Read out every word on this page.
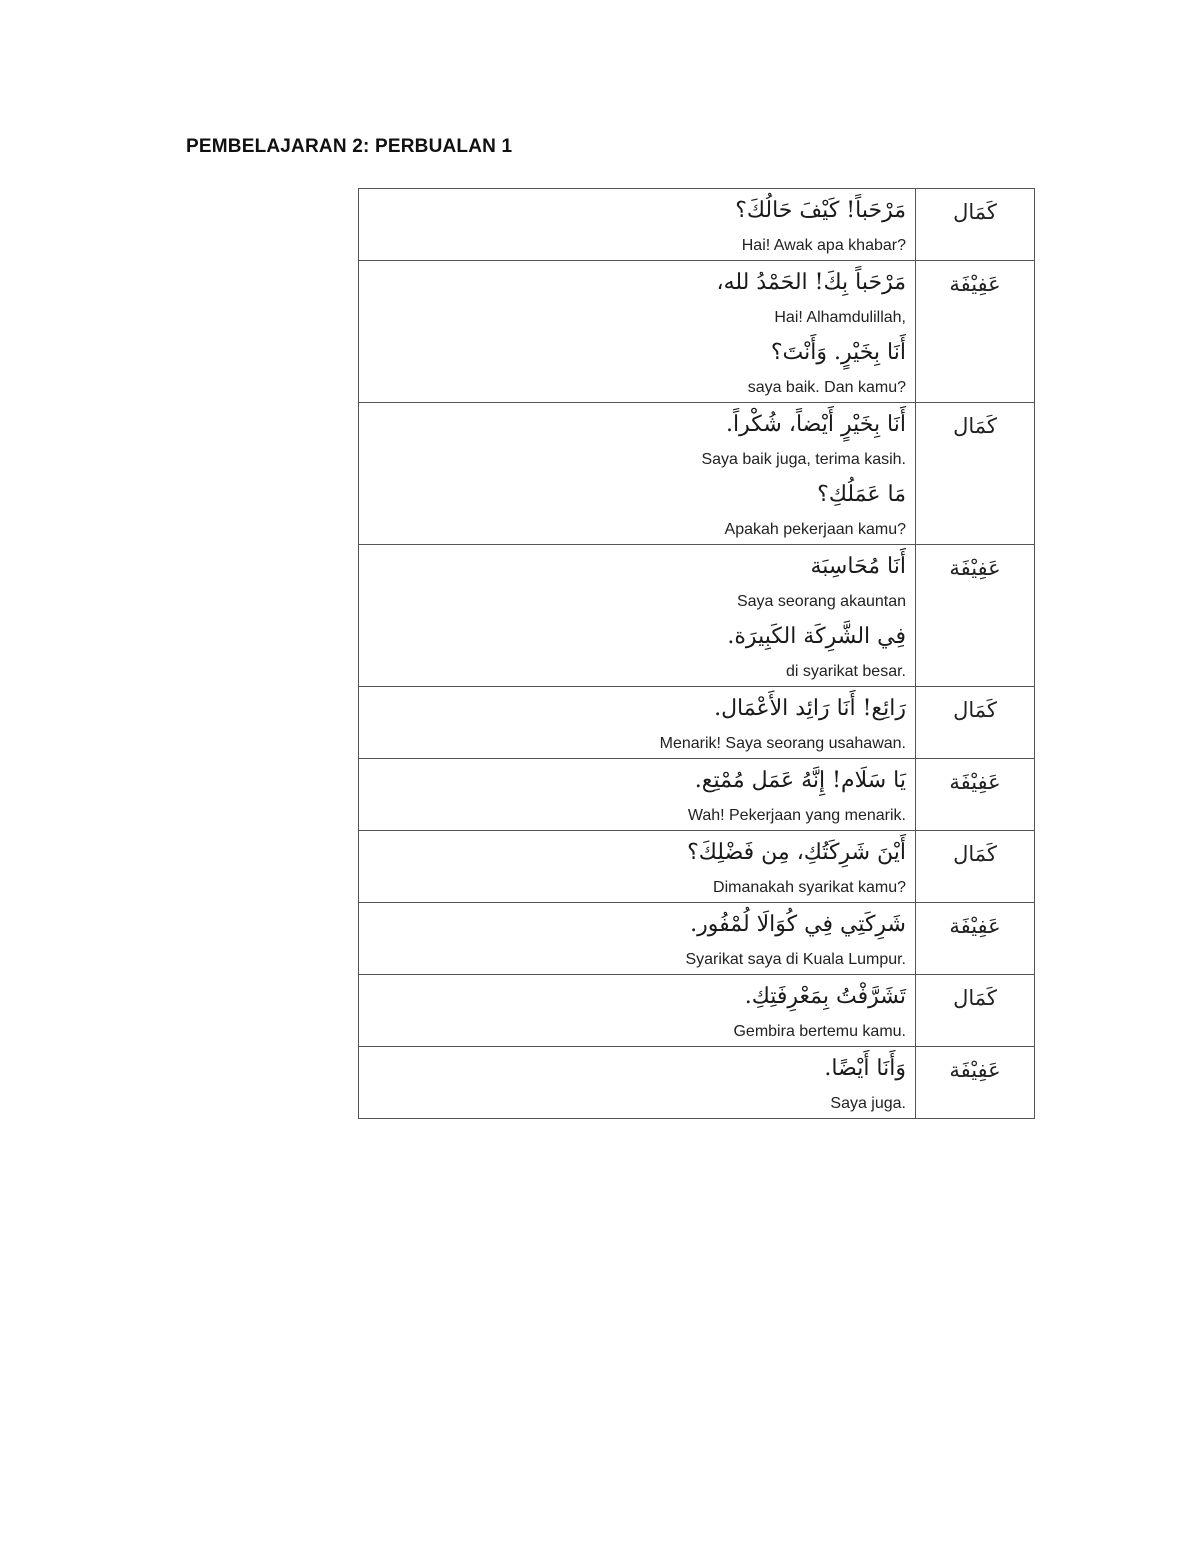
PEMBELAJARAN 2: PERBUALAN 1
مَرْحَباً! كَيْفَ حَالُكَ؟
Hai! Awak apa khabar?	كَمَال

مَرْحَباً بِكَ! الحَمْدُ لله،
Hai! Alhamdulillah,
أَنَا بِخَيْرٍ. وَأَنْتَ؟
saya baik. Dan kamu?	عَفِيْفَة

أَنَا بِخَيْرٍ أَيْضاً، شُكْراً.
Saya baik juga, terima kasih.
مَا عَمَلُكِ؟
Apakah pekerjaan kamu?	كَمَال

أَنَا مُحَاسِبَة
Saya seorang akauntan
فِي الشَّرِكَة الكَبِيرَة.
di syarikat besar.	عَفِيْفَة

رَائِع! أَنَا رَائِد الأَعْمَال.
Menarik! Saya seorang usahawan.	كَمَال

يَا سَلَام! إِنَّهُ عَمَل مُمْتِع.
Wah! Pekerjaan yang menarik.	عَفِيْفَة

أَيْنَ شَرِكَتُكِ، مِن فَضْلِكَ؟
Dimanakah syarikat kamu?	كَمَال

شَرِكَتِي فِي كُوَالَا لُمْفُور.
Syarikat saya di Kuala Lumpur.	عَفِيْفَة

تَشَرَّفْتُ بِمَعْرِفَتِكِ.
Gembira bertemu kamu.	كَمَال

وَأَنَا أَيْضًا.
Saya juga.	عَفِيْفَة
